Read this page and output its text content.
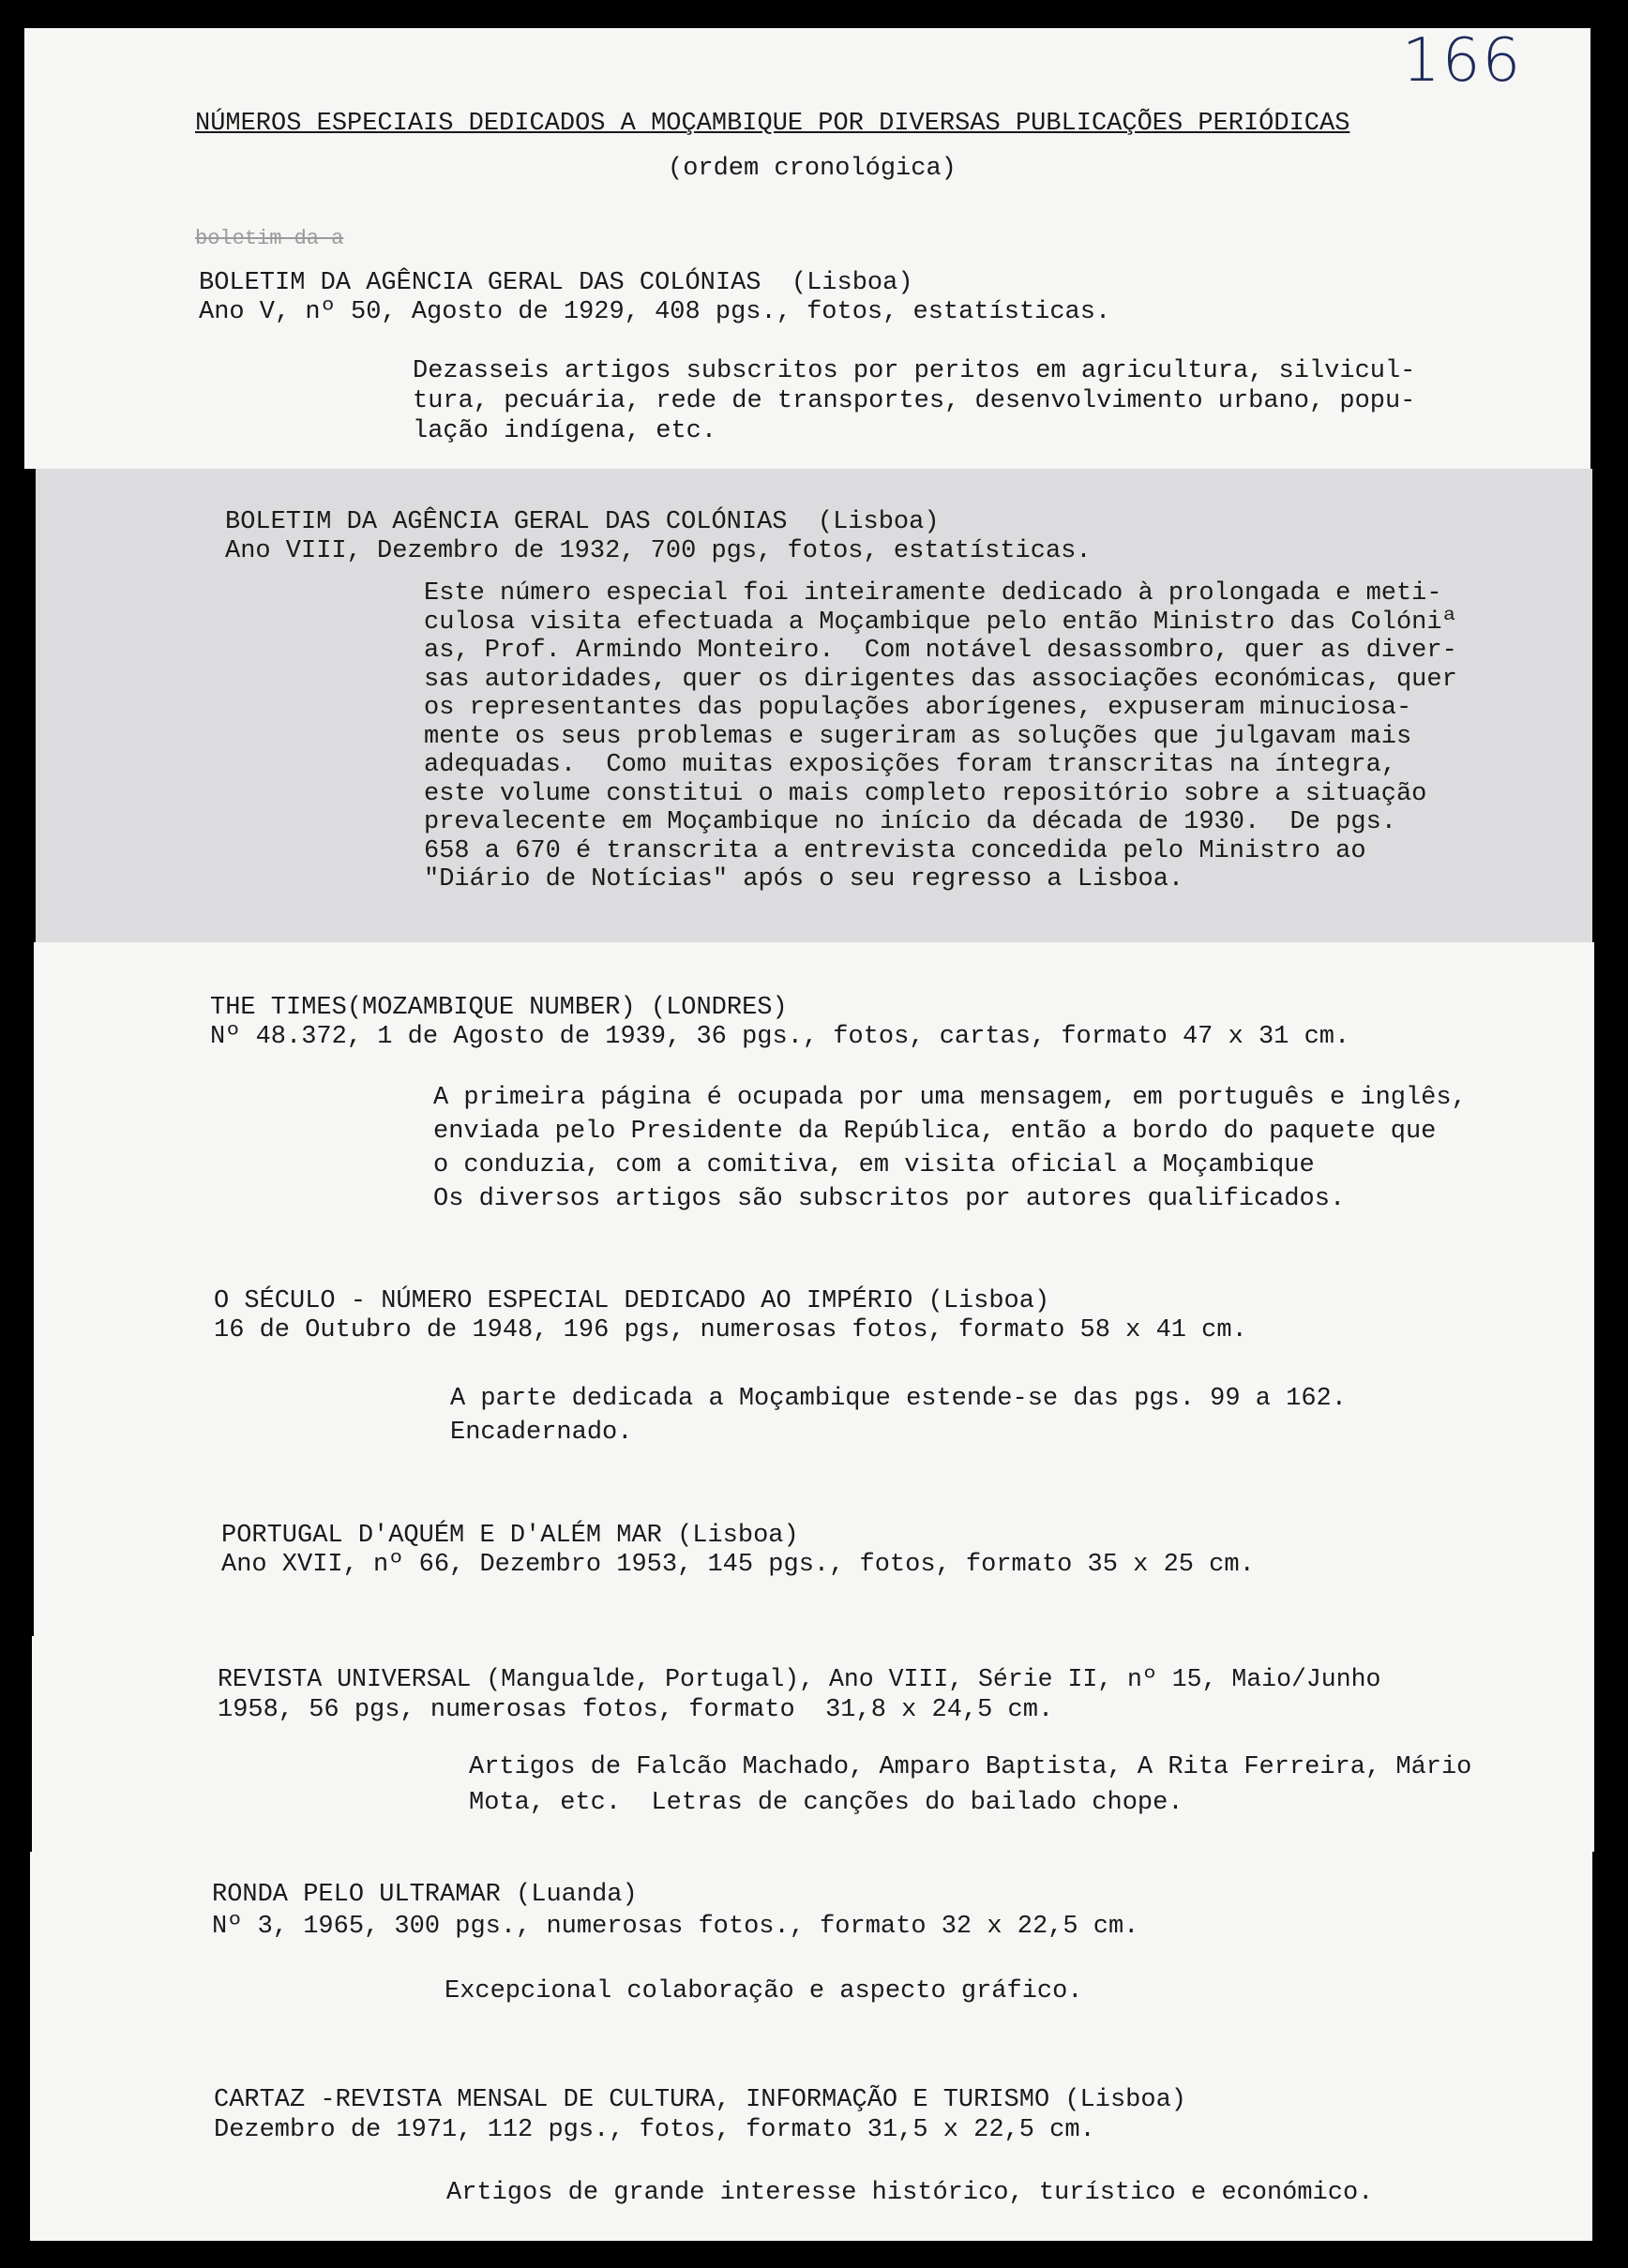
166
NÚMEROS ESPECIAIS DEDICADOS A MOÇAMBIQUE POR DIVERSAS PUBLICAÇÕES PERIÓDICAS
(ordem cronológica)
boletim da a
BOLETIM DA AGÊNCIA GERAL DAS COLÓNIAS  (Lisboa)
Ano V, nº 50, Agosto de 1929, 408 pgs., fotos, estatísticas.
Dezasseis artigos subscritos por peritos em agricultura, silvicul-
tura, pecuária, rede de transportes, desenvolvimento urbano, popu-
lação indígena, etc.
BOLETIM DA AGÊNCIA GERAL DAS COLÓNIAS  (Lisboa)
Ano VIII, Dezembro de 1932, 700 pgs, fotos, estatísticas.
Este número especial foi inteiramente dedicado à prolongada e meti-
culosa visita efectuada a Moçambique pelo então Ministro das Colóniª
as, Prof. Armindo Monteiro.  Com notável desassombro, quer as diver-
sas autoridades, quer os dirigentes das associações económicas, quer
os representantes das populações aborígenes, expuseram minuciosa-
mente os seus problemas e sugeriram as soluções que julgavam mais
adequadas.  Como muitas exposições foram transcritas na íntegra,
este volume constitui o mais completo repositório sobre a situação
prevalecente em Moçambique no início da década de 1930.  De pgs.
658 a 670 é transcrita a entrevista concedida pelo Ministro ao
"Diário de Notícias" após o seu regresso a Lisboa.
THE TIMES(MOZAMBIQUE NUMBER) (LONDRES)
Nº 48.372, 1 de Agosto de 1939, 36 pgs., fotos, cartas, formato 47 x 31 cm.
A primeira página é ocupada por uma mensagem, em português e inglês,
enviada pelo Presidente da República, então a bordo do paquete que
o conduzia, com a comitiva, em visita oficial a Moçambique
Os diversos artigos são subscritos por autores qualificados.
O SÉCULO - NÚMERO ESPECIAL DEDICADO AO IMPÉRIO (Lisboa)
16 de Outubro de 1948, 196 pgs, numerosas fotos, formato 58 x 41 cm.
A parte dedicada a Moçambique estende-se das pgs. 99 a 162.
Encadernado.
PORTUGAL D'AQUÉM E D'ALÉM MAR (Lisboa)
Ano XVII, nº 66, Dezembro 1953, 145 pgs., fotos, formato 35 x 25 cm.
REVISTA UNIVERSAL (Mangualde, Portugal), Ano VIII, Série II, nº 15, Maio/Junho
1958, 56 pgs, numerosas fotos, formato  31,8 x 24,5 cm.
Artigos de Falcão Machado, Amparo Baptista, A Rita Ferreira, Mário
Mota, etc.  Letras de canções do bailado chope.
RONDA PELO ULTRAMAR (Luanda)
Nº 3, 1965, 300 pgs., numerosas fotos., formato 32 x 22,5 cm.
Excepcional colaboração e aspecto gráfico.
CARTAZ -REVISTA MENSAL DE CULTURA, INFORMAÇÃO E TURISMO (Lisboa)
Dezembro de 1971, 112 pgs., fotos, formato 31,5 x 22,5 cm.
Artigos de grande interesse histórico, turístico e económico.
